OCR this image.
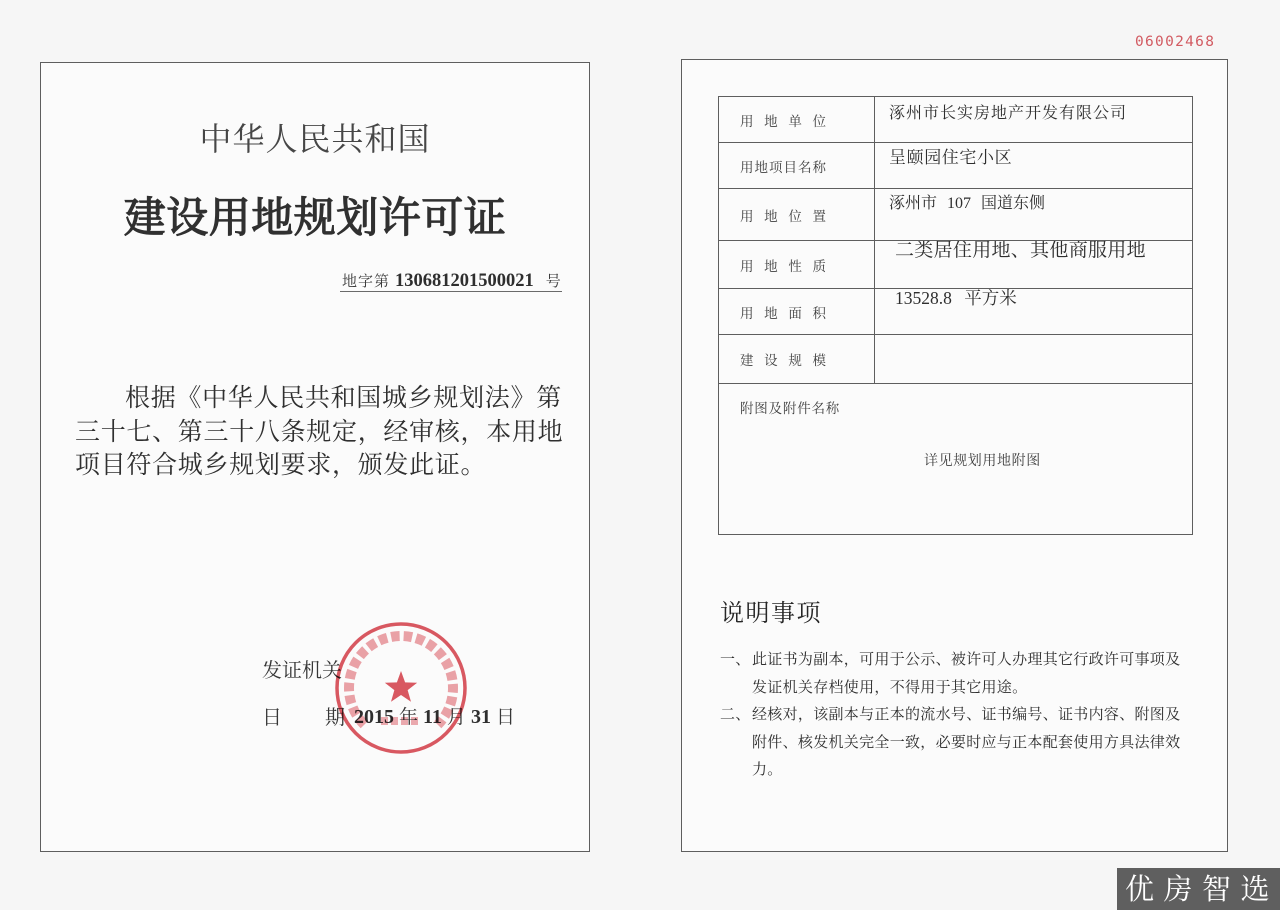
06002468
中华人民共和国
建设用地规划许可证
地字第 130681201500021 号
根据《中华人民共和国城乡规划法》第
三十七、第三十八条规定，经审核，本用地
项目符合城乡规划要求，颁发此证。
发证机关
日 期 2015 年 11 月 31 日
用 地 单 位	涿州市长实房地产开发有限公司
用 地 项 目 名 称
呈颐园住宅小区
用 地 位 置
涿州市 107 国道东侧
用 地 性 质
二类居住用地、其他商服用地
用 地 面 积
13528.8 平方米
建 设 规 模
附图及附件名称
详见规划用地附图
说明事项
一、 此证书为副本，可用于公示、被许可人办理其它行政许可事项及
发证机关存档使用，不得用于其它用途。
二、 经核对，该副本与正本的流水号、证书编号、证书内容、附图及
附件、核发机关完全一致，必要时应与正本配套使用方具法律效
力。
优房智选
